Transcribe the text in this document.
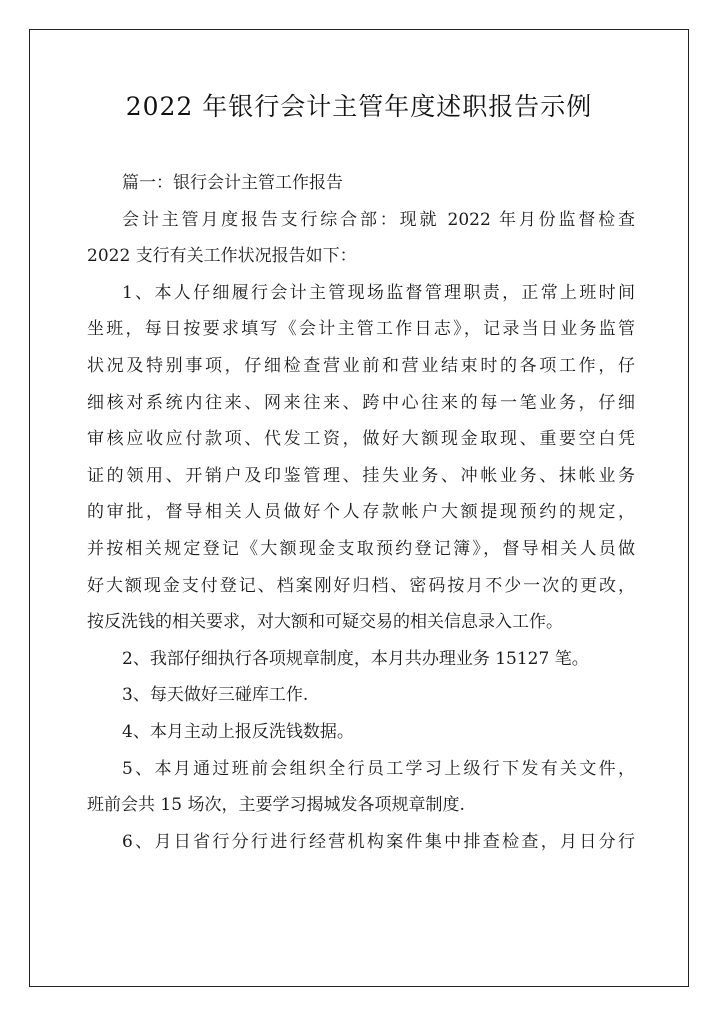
2022 年银行会计主管年度述职报告示例
篇一：银行会计主管工作报告
会计主管月度报告支行综合部：现就 2022 年月份监督检查
2022 支行有关工作状况报告如下：
1、本人仔细履行会计主管现场监督管理职责，正常上班时间
坐班，每日按要求填写《会计主管工作日志》，记录当日业务监管
状况及特别事项，仔细检查营业前和营业结束时的各项工作，仔
细核对系统内往来、网来往来、跨中心往来的每一笔业务，仔细
审核应收应付款项、代发工资，做好大额现金取现、重要空白凭
证的领用、开销户及印鉴管理、挂失业务、冲帐业务、抹帐业务
的审批，督导相关人员做好个人存款帐户大额提现预约的规定，
并按相关规定登记《大额现金支取预约登记簿》，督导相关人员做
好大额现金支付登记、档案刚好归档、密码按月不少一次的更改，
按反洗钱的相关要求，对大额和可疑交易的相关信息录入工作。
2、我部仔细执行各项规章制度，本月共办理业务 15127 笔。
3、每天做好三碰库工作.
4、本月主动上报反洗钱数据。
5、本月通过班前会组织全行员工学习上级行下发有关文件，
班前会共 15 场次，主要学习揭城发各项规章制度.
6、月日省行分行进行经营机构案件集中排查检查，月日分行
